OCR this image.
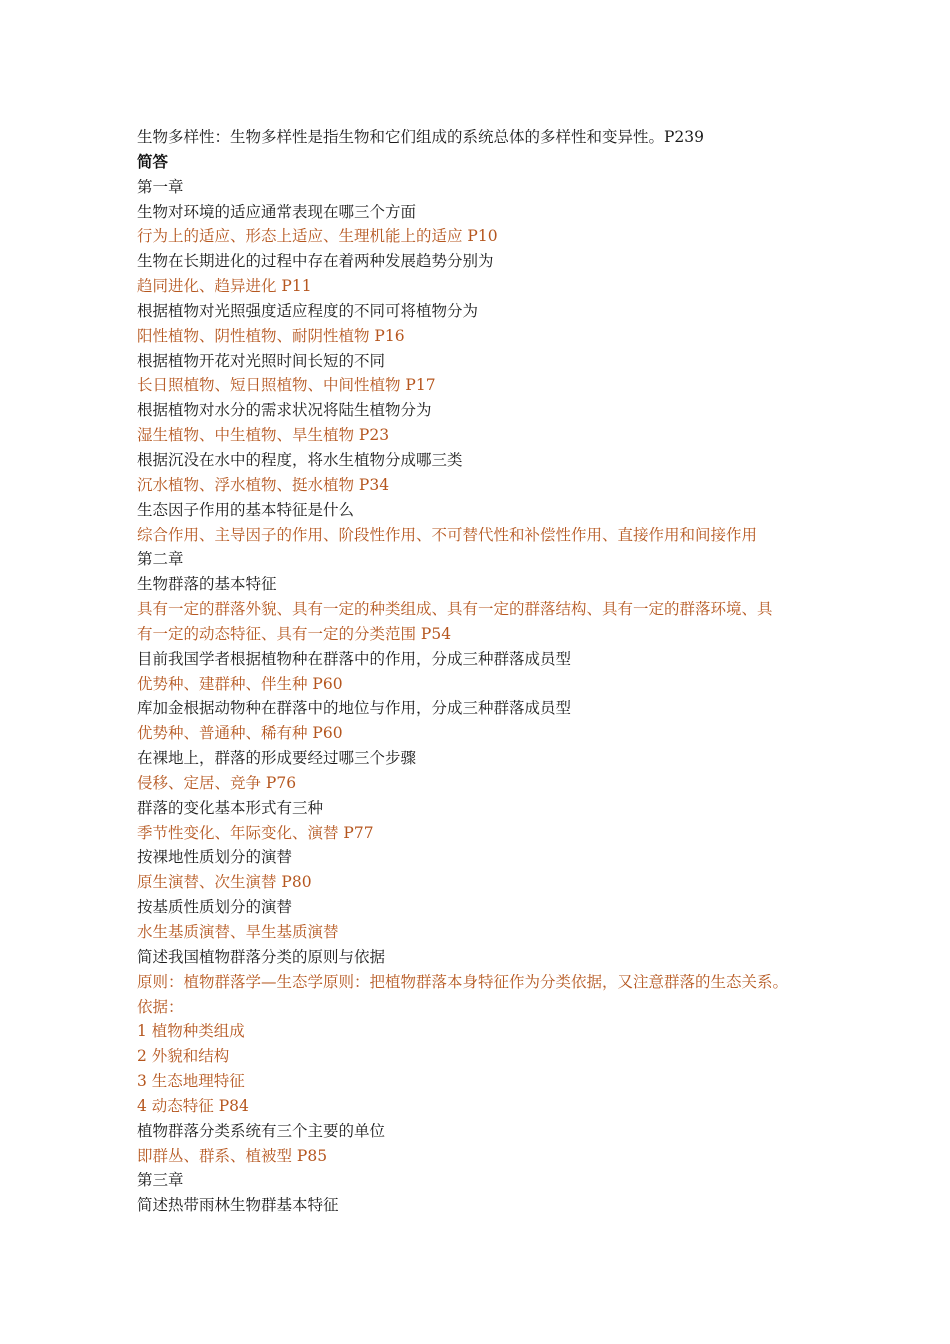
生物多样性：生物多样性是指生物和它们组成的系统总体的多样性和变异性。P239
简答
第一章
生物对环境的适应通常表现在哪三个方面
行为上的适应、形态上适应、生理机能上的适应 P10
生物在长期进化的过程中存在着两种发展趋势分别为
趋同进化、趋异进化 P11
根据植物对光照强度适应程度的不同可将植物分为
阳性植物、阴性植物、耐阴性植物 P16
根据植物开花对光照时间长短的不同
长日照植物、短日照植物、中间性植物 P17
根据植物对水分的需求状况将陆生植物分为
湿生植物、中生植物、旱生植物 P23
根据沉没在水中的程度，将水生植物分成哪三类
沉水植物、浮水植物、挺水植物 P34
生态因子作用的基本特征是什么
综合作用、主导因子的作用、阶段性作用、不可替代性和补偿性作用、直接作用和间接作用
第二章
生物群落的基本特征
具有一定的群落外貌、具有一定的种类组成、具有一定的群落结构、具有一定的群落环境、具
有一定的动态特征、具有一定的分类范围 P54
目前我国学者根据植物种在群落中的作用，分成三种群落成员型
优势种、建群种、伴生种 P60
库加金根据动物种在群落中的地位与作用，分成三种群落成员型
优势种、普通种、稀有种 P60
在裸地上，群落的形成要经过哪三个步骤
侵移、定居、竞争 P76
群落的变化基本形式有三种
季节性变化、年际变化、演替 P77
按裸地性质划分的演替
原生演替、次生演替 P80
按基质性质划分的演替
水生基质演替、旱生基质演替
简述我国植物群落分类的原则与依据
原则：植物群落学—生态学原则：把植物群落本身特征作为分类依据，又注意群落的生态关系。
依据：
1 植物种类组成
2 外貌和结构
3 生态地理特征
4 动态特征 P84
植物群落分类系统有三个主要的单位
即群丛、群系、植被型 P85
第三章
简述热带雨林生物群基本特征
